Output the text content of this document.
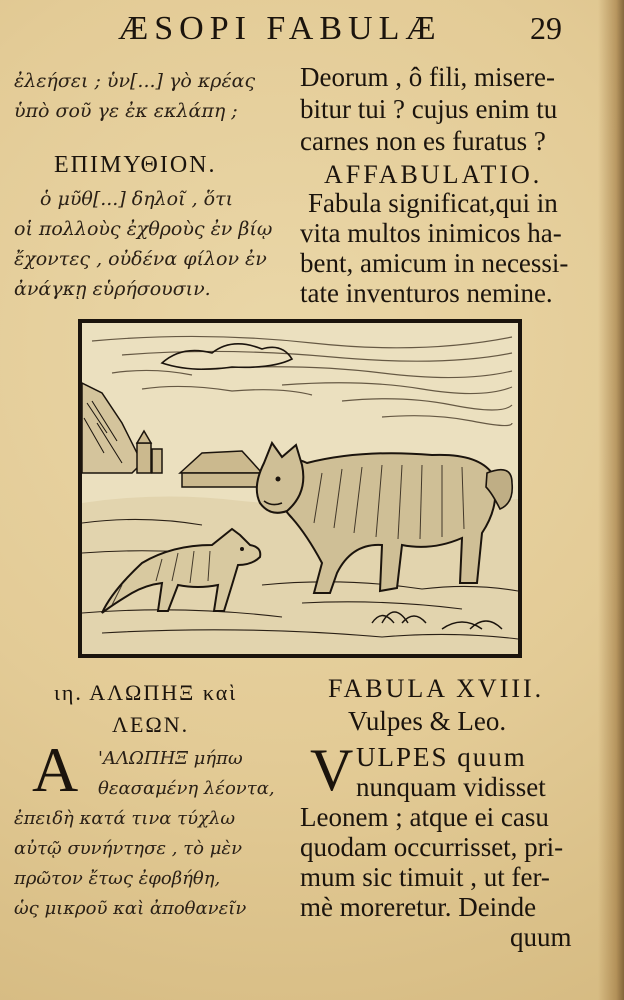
ÆSOPI FABULÆ	29
ἐλεήσει ; ὑν[...] γὸ κρέας
ὑπὸ σοῦ γε ἐκ εκλάπη ;
ΕΠΙΜΥΘΙΟΝ.
ὁ μῦθ[...] δηλοῖ , ὅτι
οἱ πολλοὺς ἐχθροὺς ἐν βίῳ
ἔχοντες , οὐδένα φίλον ἐν
ἀνάγκῃ εὑρήσουσιν.
Deorum , ô fili, misere-
bitur tui ? cujus enim tu
carnes non es furatus ?
AFFABULATIO.
Fabula significat,qui in
vita multos inimicos ha-
bent, amicum in necessi-
tate inventuros nemine.
ιη. ΑΛΩΠΗΞ καὶ
ΛΕΩΝ.
A 'ΑΛΩΠΗΞ μήπω
θεασαμένη λέοντα,
ἐπειδὴ κατά τινα τύχλω
αὐτῷ συνήντησε , τὸ μὲν
πρῶτον ἔτως ἐφοβήθη,
ὡς μικροῦ καὶ ἀποθανεῖν
FABULA XVIII.
Vulpes & Leo.
V ULPES quum
nunquam vidisset
Leonem ; atque ei casu
quodam occurrisset, pri-
mum sic timuit , ut fer-
mè moreretur. Deinde
quum
